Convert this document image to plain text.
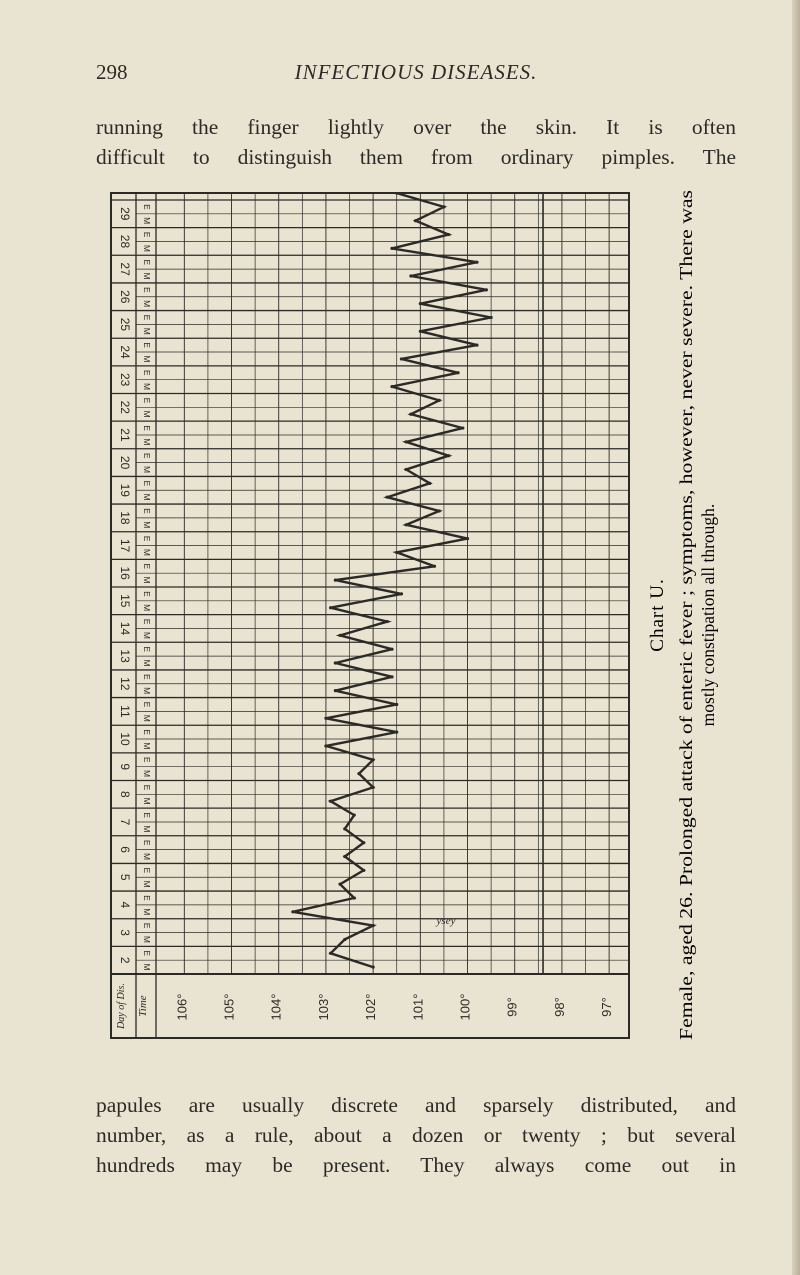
298	INFECTIOUS DISEASES.
running the finger lightly over the skin. It is often
difficult to distinguish them from ordinary pimples. The
106° 105° 104° 103° 102° 101° 100° 99° 98° 97°
2
3
4
5
6
7
8
9
10
11
12
13
14
15
16
17
18
19
20
21
22
23
24
25
26
27
28
29
M
E
M
E
M
E
M
E
M
E
M
E
M
E
M
E
M
E
M
E
M
E
M
E
M
E
M
E
M
E
M
E
M
E
M
E
M
E
M
E
M
E
M
E
M
E
M
E
M
E
M
E
M
E
M
E
Day of Dis. Time
ysey
Chart U. Female, aged 26. Prolonged attack of enteric fever ; symptoms, however, never severe. There was mostly constipation all through.
papules are usually discrete and sparsely distributed, and
number, as a rule, about a dozen or twenty ; but several
hundreds may be present. They always come out in
